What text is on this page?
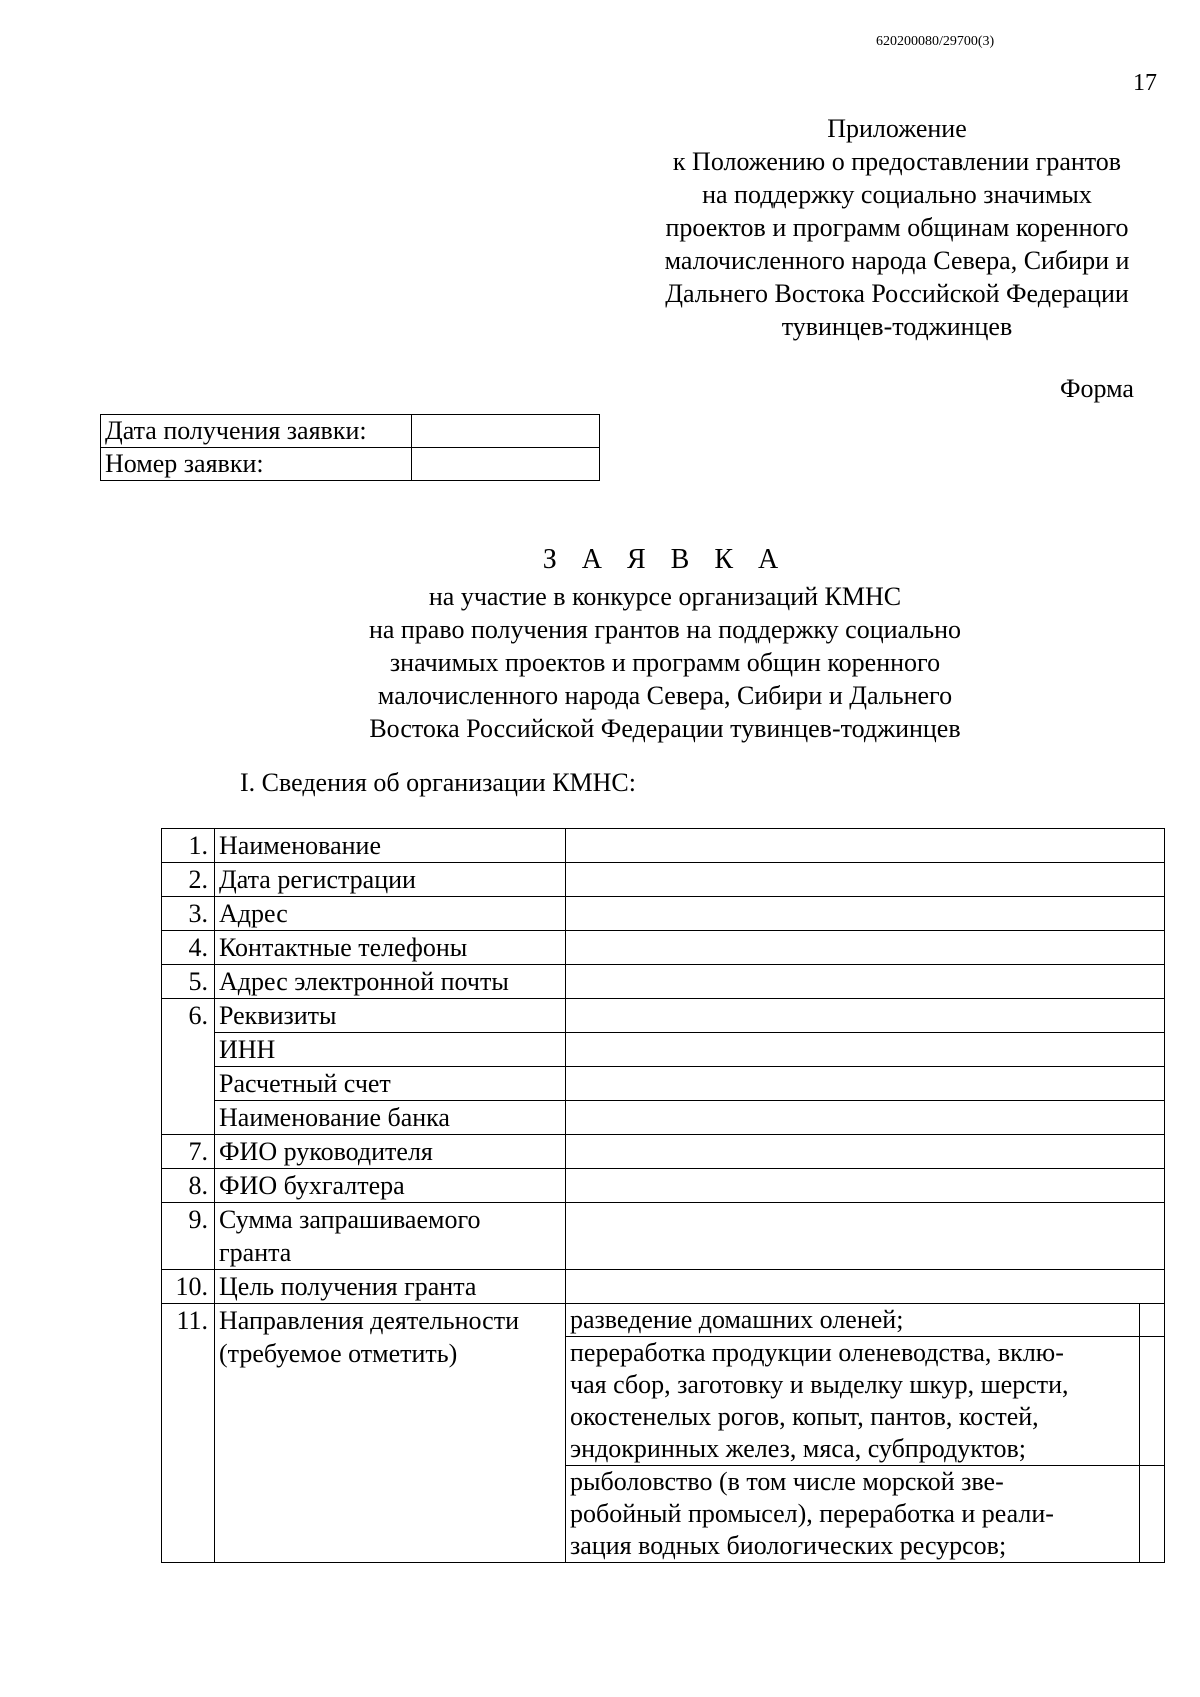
620200080/29700(3)
17
Приложение
к Положению о предоставлении грантов
на поддержку социально значимых
проектов и программ общинам коренного
малочисленного народа Севера, Сибири и
Дальнего Востока Российской Федерации
тувинцев-тоджинцев
Форма
Дата получения заявки:	
Номер заявки:	
З А Я В К А
на участие в конкурсе организаций КМНС
на право получения грантов на поддержку социально
значимых проектов и программ общин коренного
малочисленного народа Севера, Сибири и Дальнего
Востока Российской Федерации тувинцев-тоджинцев
I. Сведения об организации КМНС:
1.	Наименование		
2.	Дата регистрации		
3.	Адрес		
4.	Контактные телефоны		
5.	Адрес электронной почты		
6.	Реквизиты		
	ИНН		
	Расчетный счет		
	Наименование банка		
7.	ФИО руководителя		
8.	ФИО бухгалтера		
9.	Сумма запрашиваемого
гранта		

10.	Цель получения гранта		
11.	Направления деятельности
(требуемое отметить)	разведение домашних оленей;	

		переработка продукции оленеводства, вклю-
чая сбор, заготовку и выделку шкур, шерсти,
окостенелых рогов, копыт, пантов, костей,
эндокринных желез, мяса, субпродуктов;	

		рыболовство (в том числе морской зве-
робойный промысел), переработка и реали-
зация водных биологических ресурсов;	
